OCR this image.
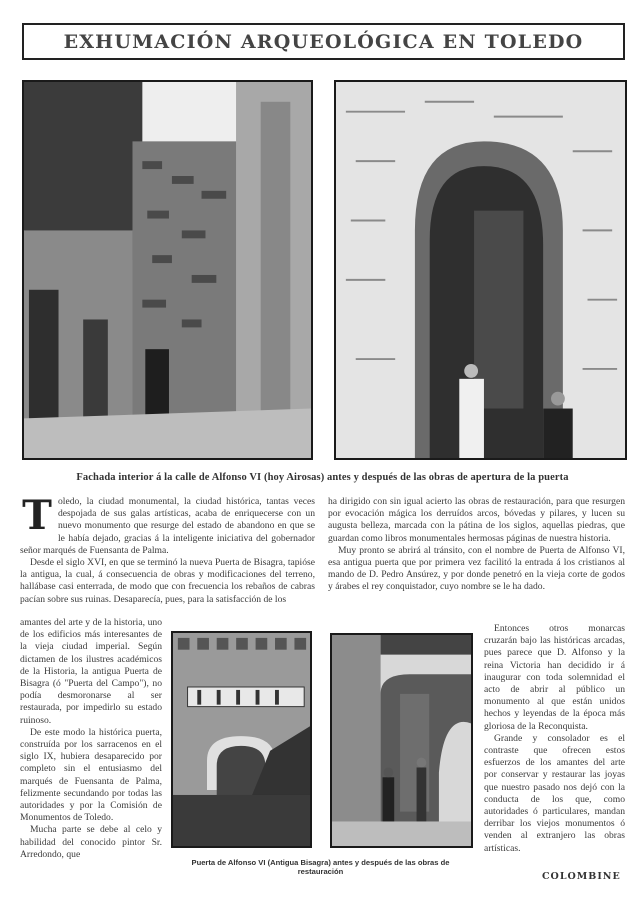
EXHUMACIÓN ARQUEOLÓGICA EN TOLEDO
Fachada interior á la calle de Alfonso VI (hoy Airosas) antes y después de las obras de apertura de la puerta
T oledo, la ciudad monumental, la ciudad histórica, tantas veces despojada de sus galas artísticas, acaba de enriquecerse con un nuevo monumento que resurge del estado de abandono en que se le había dejado, gracias á la inteligente iniciativa del gobernador señor marqués de Fuensanta de Palma.

Desde el siglo XVI, en que se terminó la nueva Puerta de Bisagra, tapióse la antigua, la cual, á consecuencia de obras y modificaciones del terreno, hallábase casi enterrada, de modo que con frecuencia los rebaños de cabras pacían sobre sus ruinas. Desaparecía, pues, para la satisfacción de los

amantes del arte y de la historia, uno de los edificios más interesantes de la vieja ciudad imperial. Según dictamen de los ilustres académicos de la Historia, la antigua Puerta de Bisagra (ó "Puerta del Campo"), no podía desmoronarse al ser restaurada, por impedirlo su estado ruinoso.

De este modo la histórica puerta, construída por los sarracenos en el siglo IX, hubiera desaparecido por completo sin el entusiasmo del marqués de Fuensanta de Palma, felizmente secundando por todas las autoridades y por la Comisión de Monumentos de Toledo.

Mucha parte se debe al celo y habilidad del conocido pintor Sr. Arredondo, que

ha dirigido con sin igual acierto las obras de restauración, para que resurgen por evocación mágica los derruídos arcos, bóvedas y pilares, y lucen su augusta belleza, marcada con la pátina de los siglos, aquellas piedras, que guardan como libros monumentales hermosas páginas de nuestra historia.

Muy pronto se abrirá al tránsito, con el nombre de Puerta de Alfonso VI, esa antigua puerta que por primera vez facilitó la entrada á los cristianos al mando de D. Pedro Ansúrez, y por donde penetró en la vieja corte de godos y árabes el rey conquistador, cuyo nombre se le ha dado.

Entonces otros monarcas cruzarán bajo las históricas arcadas, pues parece que D. Alfonso y la reina Victoria han decidido ir á inaugurar con toda solemnidad el acto de abrir al público un monumento al que están unidos hechos y leyendas de la época más gloriosa de la Reconquista.

Grande y consolador es el contraste que ofrecen estos esfuerzos de los amantes del arte por conservar y restaurar las joyas que nuestro pasado nos dejó con la conducta de los que, como autoridades ó particulares, mandan derribar los viejos monumentos ó venden al extranjero las obras artísticas.

Puerta de Alfonso VI (Antigua Bisagra) antes y después de las obras de restauración	COLOMBINE
